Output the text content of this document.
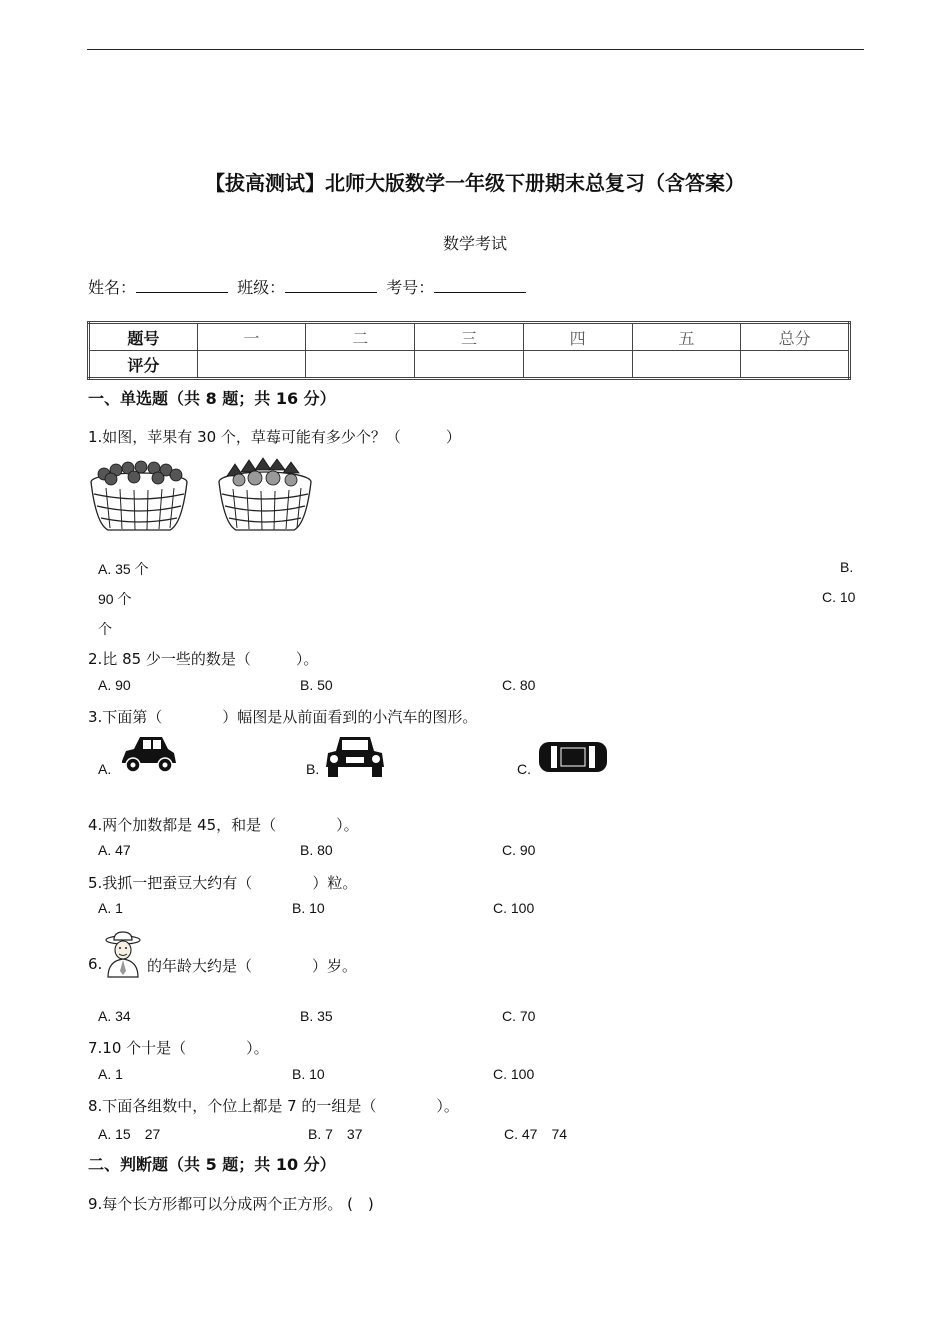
【拔高测试】北师大版数学一年级下册期末总复习（含答案）
数学考试
姓名：	班级：	考号：
题号	一	二	三	四	五	总分
评分						
一、单选题（共 8 题；共 16 分）
1.如图，苹果有 30 个，草莓可能有多少个？（　　　）
A. 35 个	B.
90 个	C. 10
个
2.比 85 少一些的数是（　　　）。
A. 90	B. 50	C. 80
3.下面第（　　　　）幅图是从前面看到的小汽车的图形。
A.	B.	C.
4.两个加数都是 45，和是（　　　　）。
A. 47	B. 80	C. 90
5.我抓一把蚕豆大约有（　　　　）粒。
A. 1	B. 10	C. 100
6.	的年龄大约是（　　　　）岁。
A. 34	B. 35	C. 70
7.10 个十是（　　　　）。
A. 1	B. 10	C. 100
8.下面各组数中，个位上都是 7 的一组是（　　　　）。
A. 15　27	B. 7　37	C. 47　74
二、判断题（共 5 题；共 10 分）
9.每个长方形都可以分成两个正方形。 (　)
